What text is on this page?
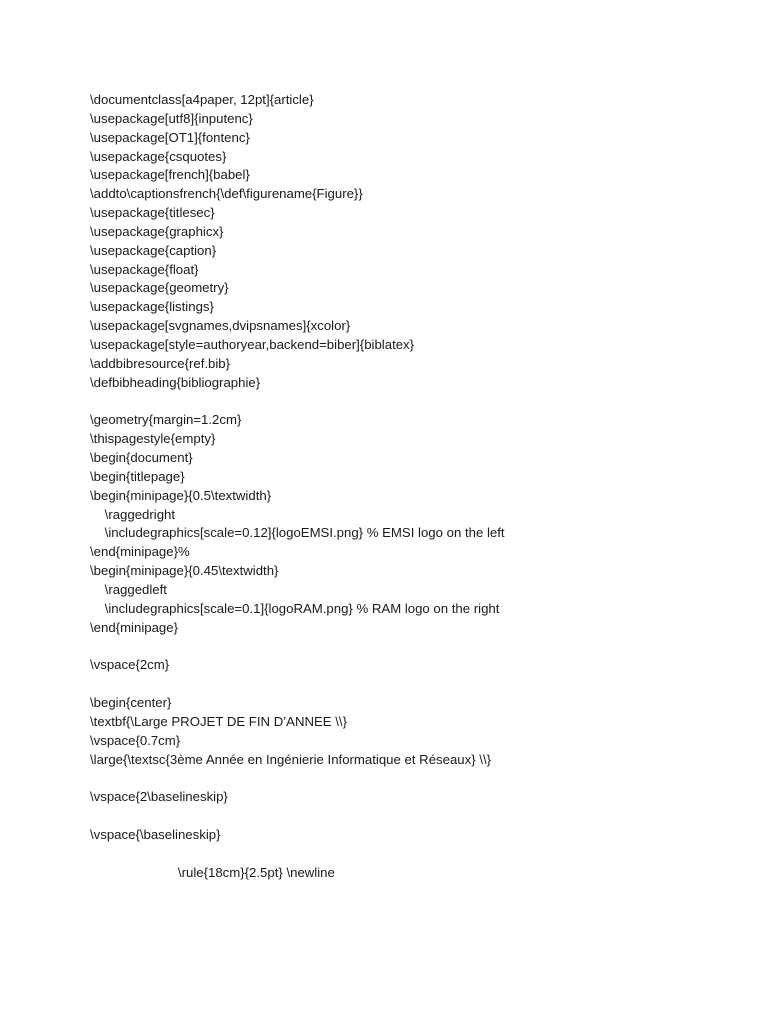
\documentclass[a4paper, 12pt]{article}
\usepackage[utf8]{inputenc}
\usepackage[OT1]{fontenc}
\usepackage{csquotes}
\usepackage[french]{babel}
\addto\captionsfrench{\def\figurename{Figure}}
\usepackage{titlesec}
\usepackage{graphicx}
\usepackage{caption}
\usepackage{float}
\usepackage{geometry}
\usepackage{listings}
\usepackage[svgnames,dvipsnames]{xcolor}
\usepackage[style=authoryear,backend=biber]{biblatex}
\addbibresource{ref.bib}
\defbibheading{bibliographie}
\geometry{margin=1.2cm}
\thispagestyle{empty}
\begin{document}
\begin{titlepage}
\begin{minipage}{0.5\textwidth}
\raggedright
\includegraphics[scale=0.12]{logoEMSI.png} % EMSI logo on the left
\end{minipage}%
\begin{minipage}{0.45\textwidth}
\raggedleft
\includegraphics[scale=0.1]{logoRAM.png} % RAM logo on the right
\end{minipage}
\vspace{2cm}
\begin{center}
\textbf{\Large PROJET DE FIN D’ANNEE \\}
\vspace{0.7cm}
\large{\textsc{3ème Année en Ingénierie Informatique et Réseaux} \\}
\vspace{2\baselineskip}
\vspace{\baselineskip}
\rule{18cm}{2.5pt} \newline
